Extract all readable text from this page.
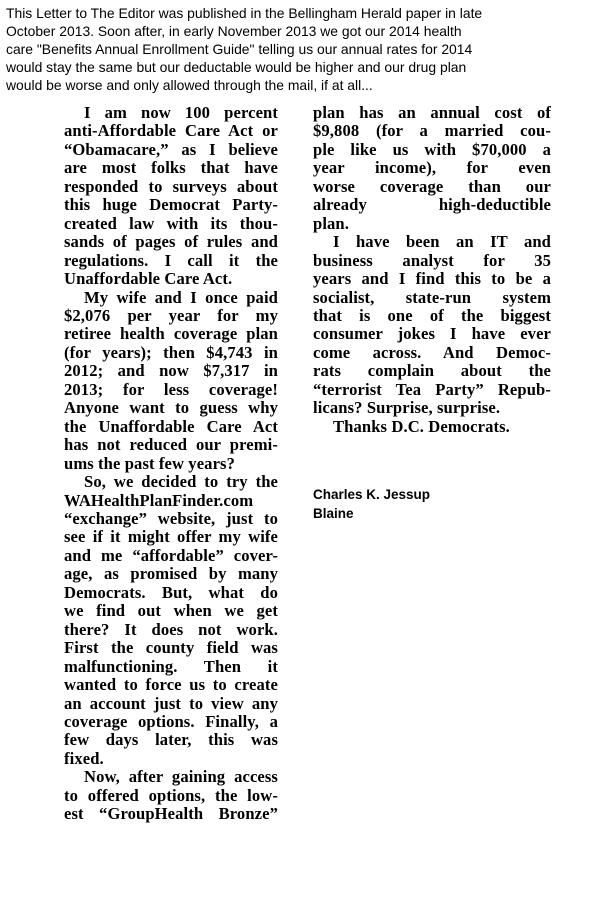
This Letter to The Editor was published in the Bellingham Herald paper in late
October 2013. Soon after, in early November 2013 we got our 2014 health
care "Benefits Annual Enrollment Guide" telling us our annual rates for 2014
would stay the same but our deductable would be higher and our drug plan
would be worse and only allowed through the mail, if at all...
I am now 100 percent
anti-Affordable Care Act or
“Obamacare,” as I believe
are most folks that have
responded to surveys about
this huge Democrat Party-
created law with its thou-
sands of pages of rules and
regulations. I call it the
Unaffordable Care Act.
My wife and I once paid
$2,076 per year for my
retiree health coverage plan
(for years); then $4,743 in
2012; and now $7,317 in
2013; for less coverage!
Anyone want to guess why
the Unaffordable Care Act
has not reduced our premi-
ums the past few years?
So, we decided to try the
WAHealthPlanFinder.com
“exchange” website, just to
see if it might offer my wife
and me “affordable” cover-
age, as promised by many
Democrats. But, what do
we find out when we get
there? It does not work.
First the county field was
malfunctioning. Then it
wanted to force us to create
an account just to view any
coverage options. Finally, a
few days later, this was
fixed.
Now, after gaining access
to offered options, the low-
est “GroupHealth Bronze”
plan has an annual cost of
$9,808 (for a married cou-
ple like us with $70,000 a
year income), for even
worse coverage than our
already high-deductible
plan.
I have been an IT and
business analyst for 35
years and I find this to be a
socialist, state-run system
that is one of the biggest
consumer jokes I have ever
come across. And Democ-
rats complain about the
“terrorist Tea Party” Repub-
licans? Surprise, surprise.
Thanks D.C. Democrats.
Charles K. Jessup
Blaine
